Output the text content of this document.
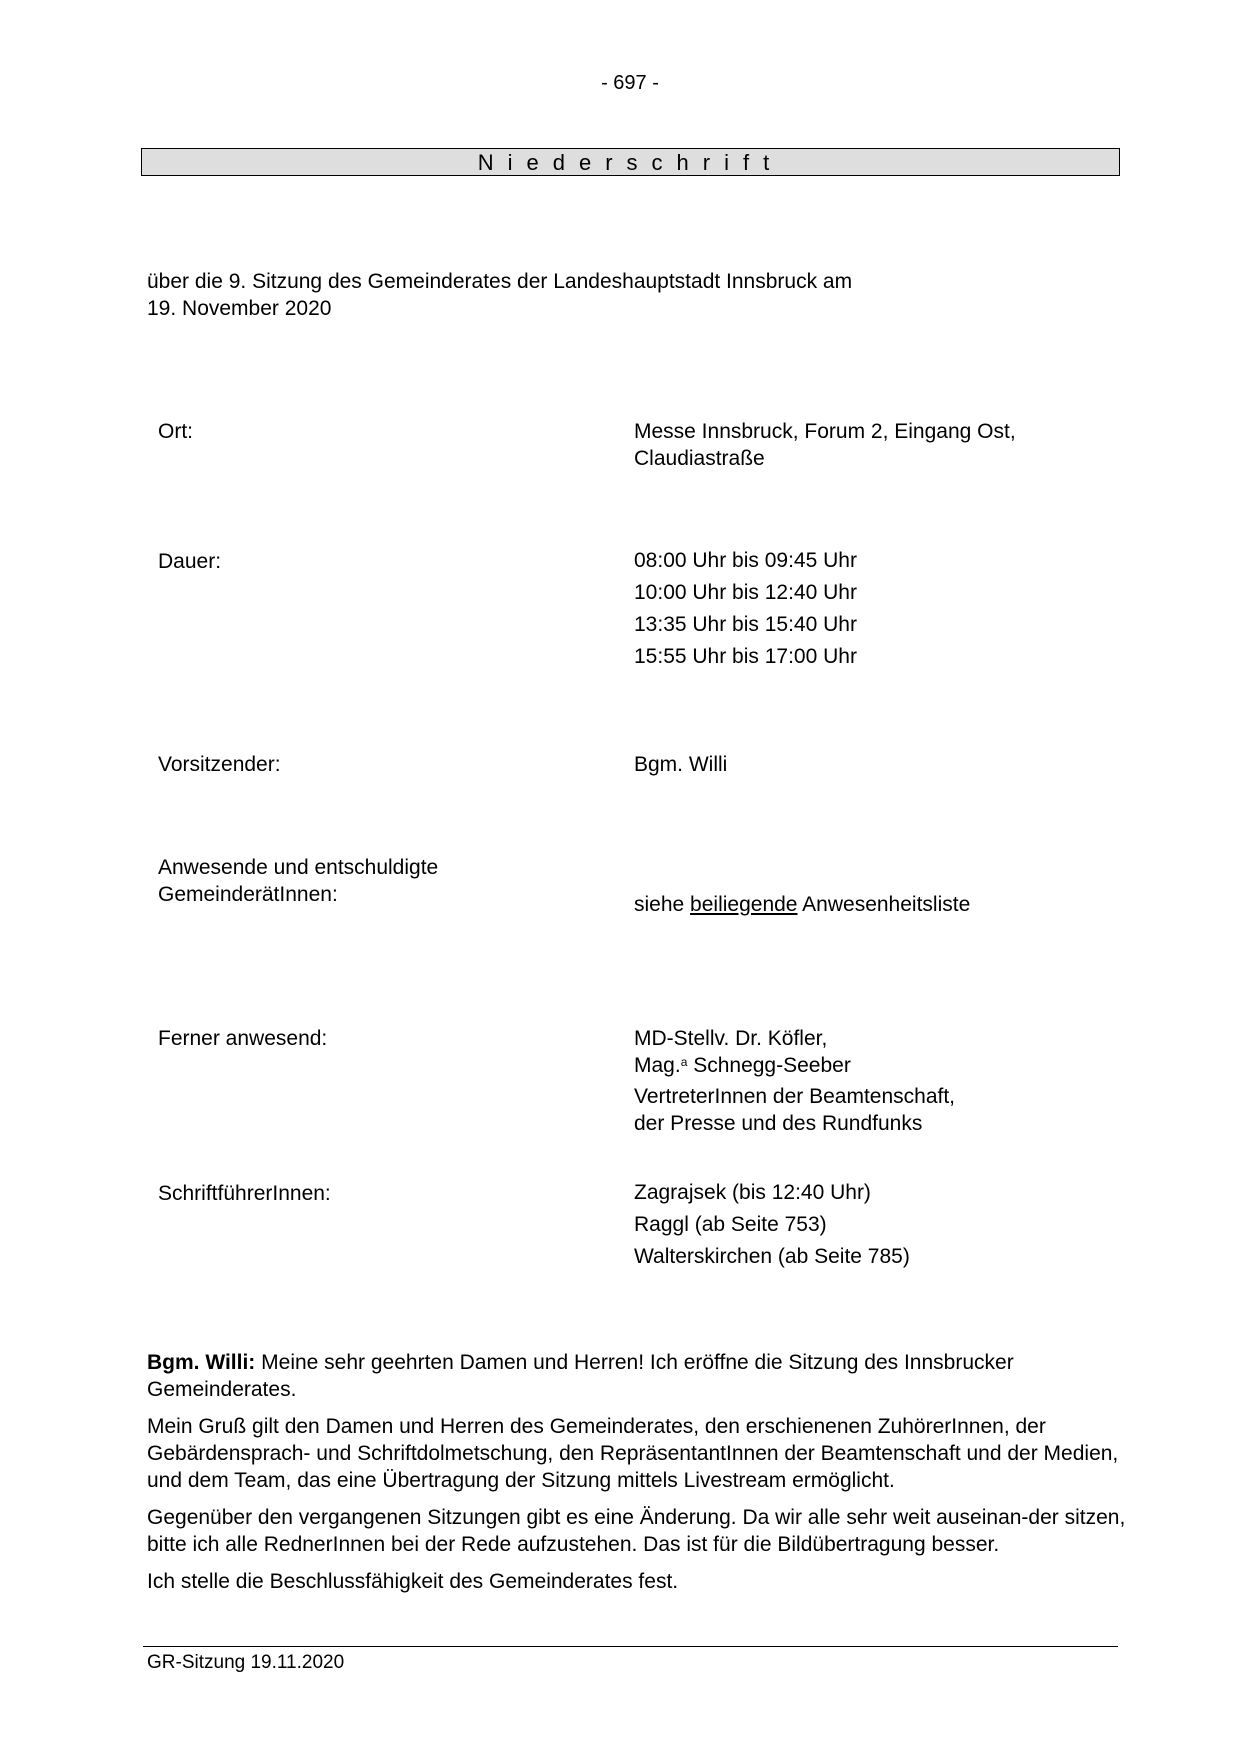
- 697 -
Niederschrift
über die 9. Sitzung des Gemeinderates der Landeshauptstadt Innsbruck am
19. November 2020
Ort:	Messe Innsbruck, Forum 2, Eingang Ost,
Claudiastraße
Dauer:	08:00 Uhr bis 09:45 Uhr
10:00 Uhr bis 12:40 Uhr
13:35 Uhr bis 15:40 Uhr
15:55 Uhr bis 17:00 Uhr
Vorsitzender:	Bgm. Willi
Anwesende und entschuldigte
GemeinderätInnen:	siehe beiliegende Anwesenheitsliste
Ferner anwesend:	MD-Stellv. Dr. Köfler,
Mag.$^a$ Schnegg-Seeber
VertreterInnen der Beamtenschaft,
der Presse und des Rundfunks
SchriftführerInnen:	Zagrajsek (bis 12:40 Uhr)
Raggl (ab Seite 753)
Walterskirchen (ab Seite 785)

Bgm. Willi: Meine sehr geehrten Damen und Herren! Ich eröffne die Sitzung des Innsbrucker Gemeinderates.

Mein Gruß gilt den Damen und Herren des Gemeinderates, den erschienenen ZuhörerInnen, der Gebärdensprach- und Schriftdolmetschung, den RepräsentantInnen der Beamtenschaft und der Medien, und dem Team, das eine Übertragung der Sitzung mittels Livestream ermöglicht.

Gegenüber den vergangenen Sitzungen gibt es eine Änderung. Da wir alle sehr weit auseinan-der sitzen, bitte ich alle RednerInnen bei der Rede aufzustehen. Das ist für die Bildübertragung besser.

Ich stelle die Beschlussfähigkeit des Gemeinderates fest.

GR-Sitzung 19.11.2020
